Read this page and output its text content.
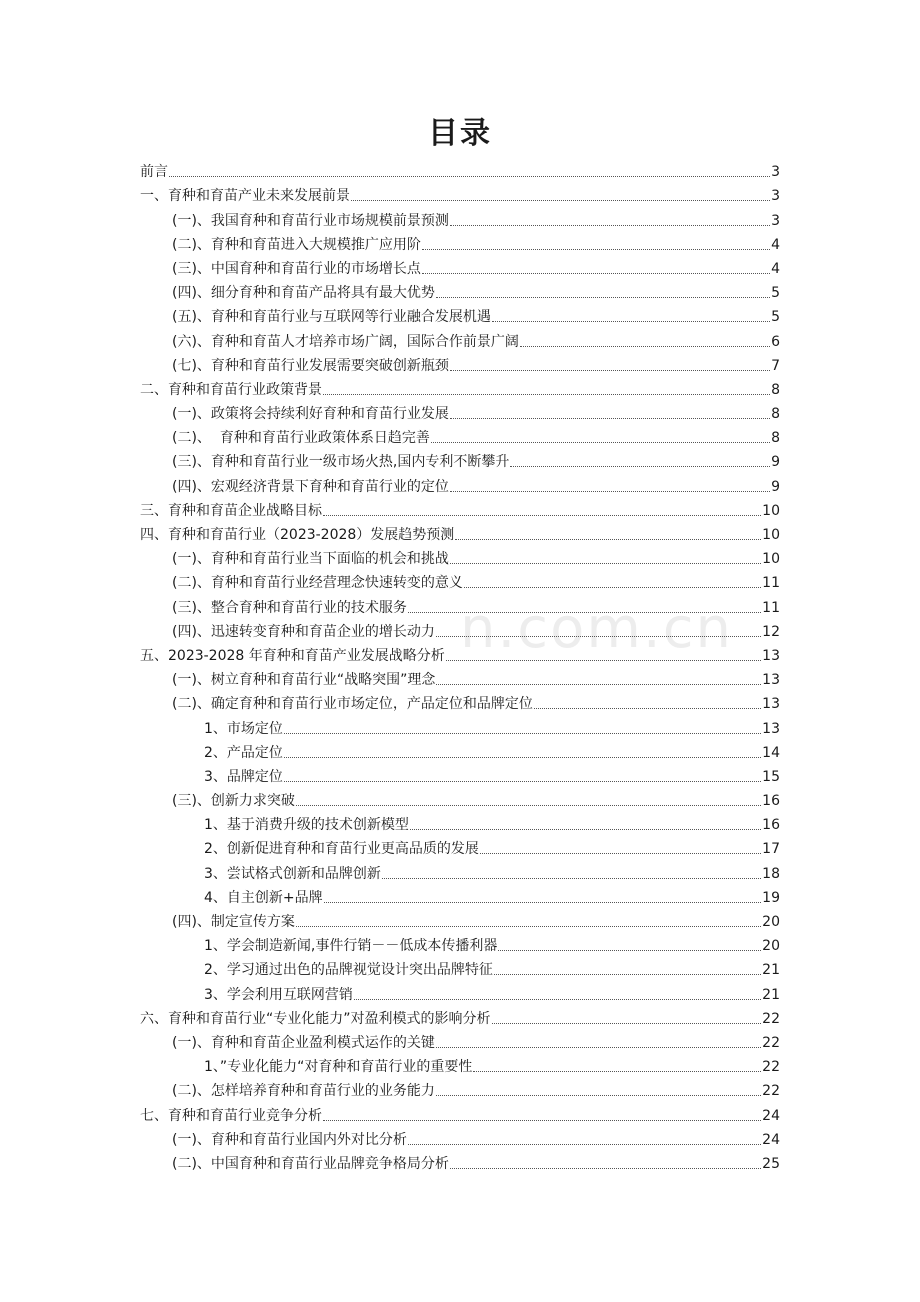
目录
n.com.cn
前言	3
一、育种和育苗产业未来发展前景	3
(一)、我国育种和育苗行业市场规模前景预测	3
(二)、育种和育苗进入大规模推广应用阶	4
(三)、中国育种和育苗行业的市场增长点	4
(四)、细分育种和育苗产品将具有最大优势	5
(五)、育种和育苗行业与互联网等行业融合发展机遇	5
(六)、育种和育苗人才培养市场广阔，国际合作前景广阔	6
(七)、育种和育苗行业发展需要突破创新瓶颈	7
二、育种和育苗行业政策背景	8
(一)、政策将会持续利好育种和育苗行业发展	8
(二)、  育种和育苗行业政策体系日趋完善	8
(三)、育种和育苗行业一级市场火热,国内专利不断攀升	9
(四)、宏观经济背景下育种和育苗行业的定位	9
三、育种和育苗企业战略目标	10
四、育种和育苗行业（2023-2028）发展趋势预测	10
(一)、育种和育苗行业当下面临的机会和挑战	10
(二)、育种和育苗行业经营理念快速转变的意义	11
(三)、整合育种和育苗行业的技术服务	11
(四)、迅速转变育种和育苗企业的增长动力	12
五、2023-2028 年育种和育苗产业发展战略分析	13
(一)、树立育种和育苗行业“战略突围”理念	13
(二)、确定育种和育苗行业市场定位，产品定位和品牌定位	13
1、市场定位	13
2、产品定位	14
3、品牌定位	15
(三)、创新力求突破	16
1、基于消费升级的技术创新模型	16
2、创新促进育种和育苗行业更高品质的发展	17
3、尝试格式创新和品牌创新	18
4、自主创新+品牌	19
(四)、制定宣传方案	20
1、学会制造新闻,事件行销－－低成本传播利器	20
2、学习通过出色的品牌视觉设计突出品牌特征	21
3、学会利用互联网营销	21
六、育种和育苗行业“专业化能力”对盈利模式的影响分析	22
(一)、育种和育苗企业盈利模式运作的关键	22
1、”专业化能力“对育种和育苗行业的重要性	22
(二)、怎样培养育种和育苗行业的业务能力	22
七、育种和育苗行业竞争分析	24
(一)、育种和育苗行业国内外对比分析	24
(二)、中国育种和育苗行业品牌竞争格局分析	25
